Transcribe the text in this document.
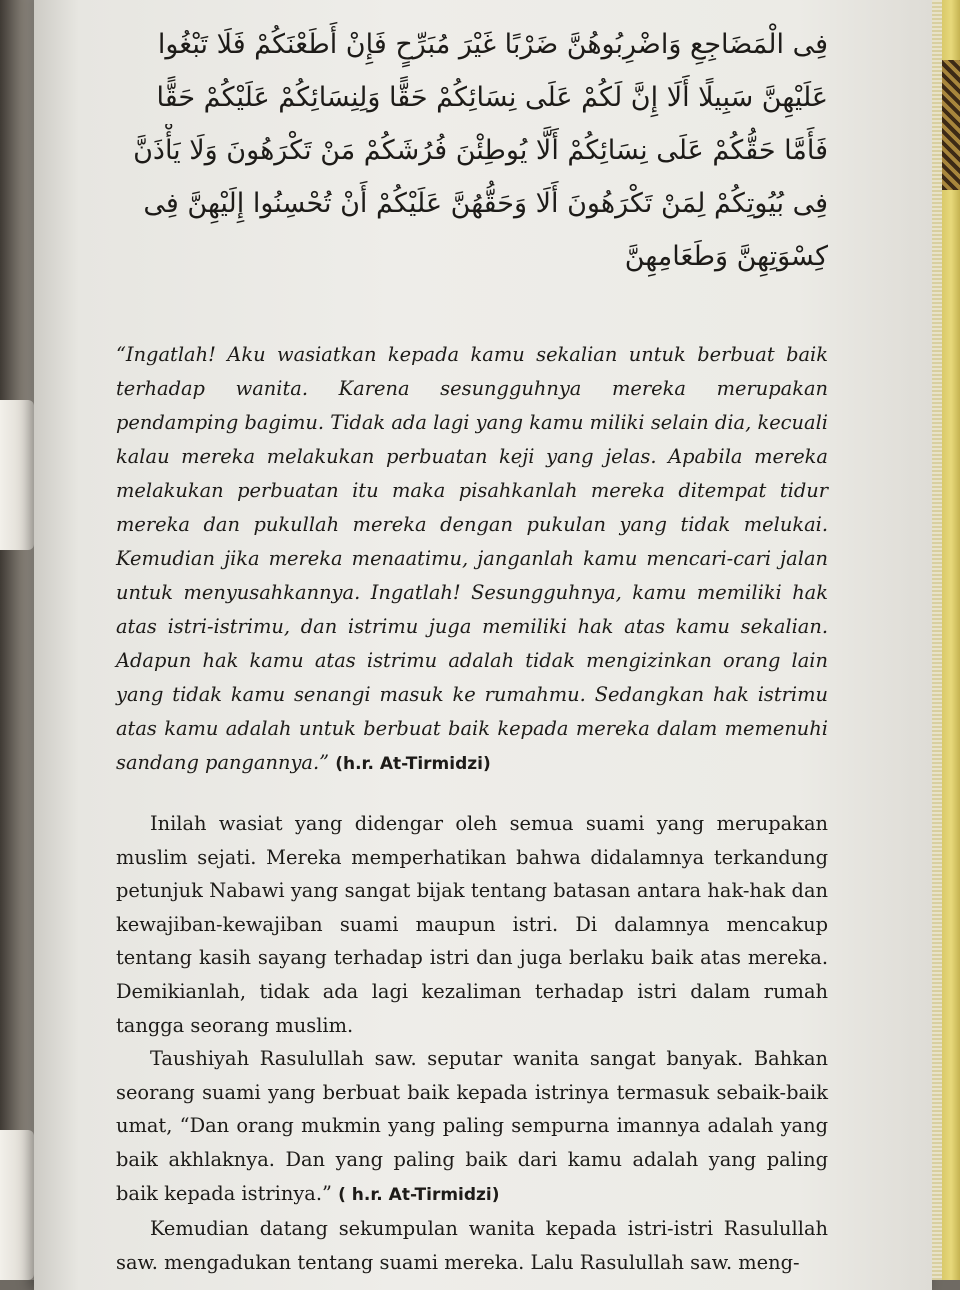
فِى الْمَضَاجِعِ وَاضْرِبُوهُنَّ ضَرْبًا غَيْرَ مُبَرِّحٍ فَإِنْ أَطَعْنَكُمْ فَلَا تَبْغُوا
عَلَيْهِنَّ سَبِيلًا أَلَا إِنَّ لَكُمْ عَلَى نِسَائِكُمْ حَقًّا وَلِنِسَائِكُمْ عَلَيْكُمْ حَقًّا
فَأَمَّا حَقُّكُمْ عَلَى نِسَائِكُمْ أَلَّا يُوطِئْنَ فُرُشَكُمْ مَنْ تَكْرَهُونَ وَلَا يَأْذَنَّ
فِى بُيُوتِكُمْ لِمَنْ تَكْرَهُونَ أَلَا وَحَقُّهُنَّ عَلَيْكُمْ أَنْ تُحْسِنُوا إِلَيْهِنَّ فِى
كِسْوَتِهِنَّ وَطَعَامِهِنَّ

“Ingatlah! Aku wasiatkan kepada kamu sekalian untuk berbuat baik terhadap wanita. Karena sesungguhnya mereka merupakan pendamping bagimu. Tidak ada lagi yang kamu miliki selain dia, kecuali kalau mereka melakukan perbuatan keji yang jelas. Apabila mereka melakukan perbuatan itu maka pisahkanlah mereka ditempat tidur mereka dan pukullah mereka dengan pukulan yang tidak melukai. Kemudian jika mereka menaatimu, janganlah kamu mencari-cari jalan untuk menyusahkannya. Ingatlah! Sesungguhnya, kamu memiliki hak atas istri-istrimu, dan istrimu juga memiliki hak atas kamu sekalian. Adapun hak kamu atas istrimu adalah tidak mengizinkan orang lain yang tidak kamu senangi masuk ke rumahmu. Sedangkan hak istrimu atas kamu adalah untuk berbuat baik kepada mereka dalam memenuhi sandang pangannya.” (h.r. At-Tirmidzi)

Inilah wasiat yang didengar oleh semua suami yang merupakan muslim sejati. Mereka memperhatikan bahwa didalamnya terkandung petunjuk Nabawi yang sangat bijak tentang batasan antara hak-hak dan kewajiban-kewajiban suami maupun istri. Di dalamnya mencakup tentang kasih sayang terhadap istri dan juga berlaku baik atas mereka. Demikianlah, tidak ada lagi kezaliman terhadap istri dalam rumah tangga seorang muslim.

Taushiyah Rasulullah saw. seputar wanita sangat banyak. Bahkan seorang suami yang berbuat baik kepada istrinya termasuk sebaik-baik umat, “Dan orang mukmin yang paling sempurna imannya adalah yang baik akhlaknya. Dan yang paling baik dari kamu adalah yang paling baik kepada istrinya.” ( h.r. At-Tirmidzi)

Kemudian datang sekumpulan wanita kepada istri-istri Rasulullah saw. mengadukan tentang suami mereka. Lalu Rasulullah saw. meng-
